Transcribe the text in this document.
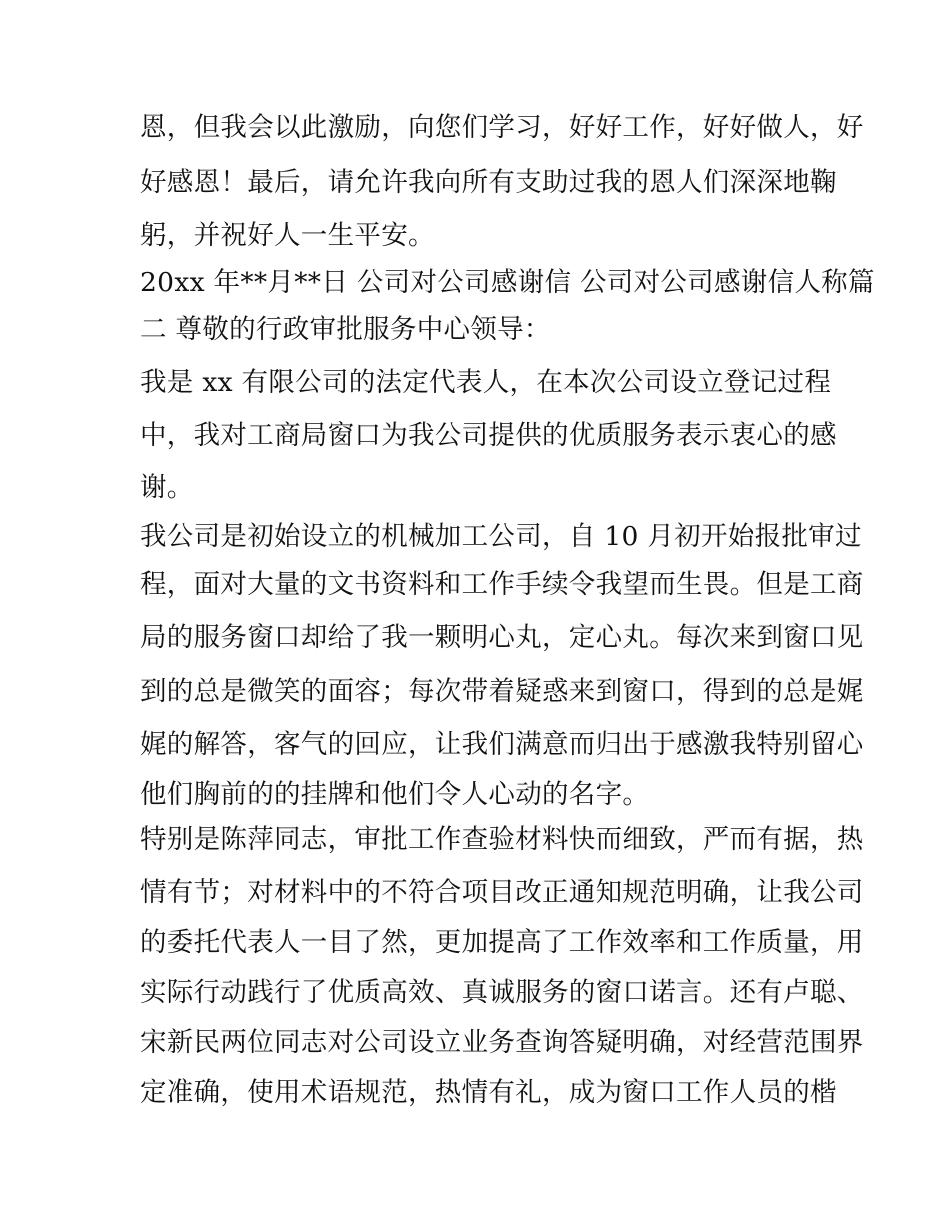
恩，但我会以此激励，向您们学习，好好工作，好好做人，好
好感恩！最后，请允许我向所有支助过我的恩人们深深地鞠
躬，并祝好人一生平安。
20xx 年**月**日 公司对公司感谢信 公司对公司感谢信人称篇
二 尊敬的行政审批服务中心领导：
我是 xx 有限公司的法定代表人，在本次公司设立登记过程
中，我对工商局窗口为我公司提供的优质服务表示衷心的感
谢。
我公司是初始设立的机械加工公司，自 10 月初开始报批审过
程，面对大量的文书资料和工作手续令我望而生畏。但是工商
局的服务窗口却给了我一颗明心丸，定心丸。每次来到窗口见
到的总是微笑的面容；每次带着疑惑来到窗口，得到的总是娓
娓的解答，客气的回应，让我们满意而归出于感激我特别留心
他们胸前的的挂牌和他们令人心动的名字。
特别是陈萍同志，审批工作查验材料快而细致，严而有据，热
情有节；对材料中的不符合项目改正通知规范明确，让我公司
的委托代表人一目了然，更加提高了工作效率和工作质量，用
实际行动践行了优质高效、真诚服务的窗口诺言。还有卢聪、
宋新民两位同志对公司设立业务查询答疑明确，对经营范围界
定准确，使用术语规范，热情有礼，成为窗口工作人员的楷
